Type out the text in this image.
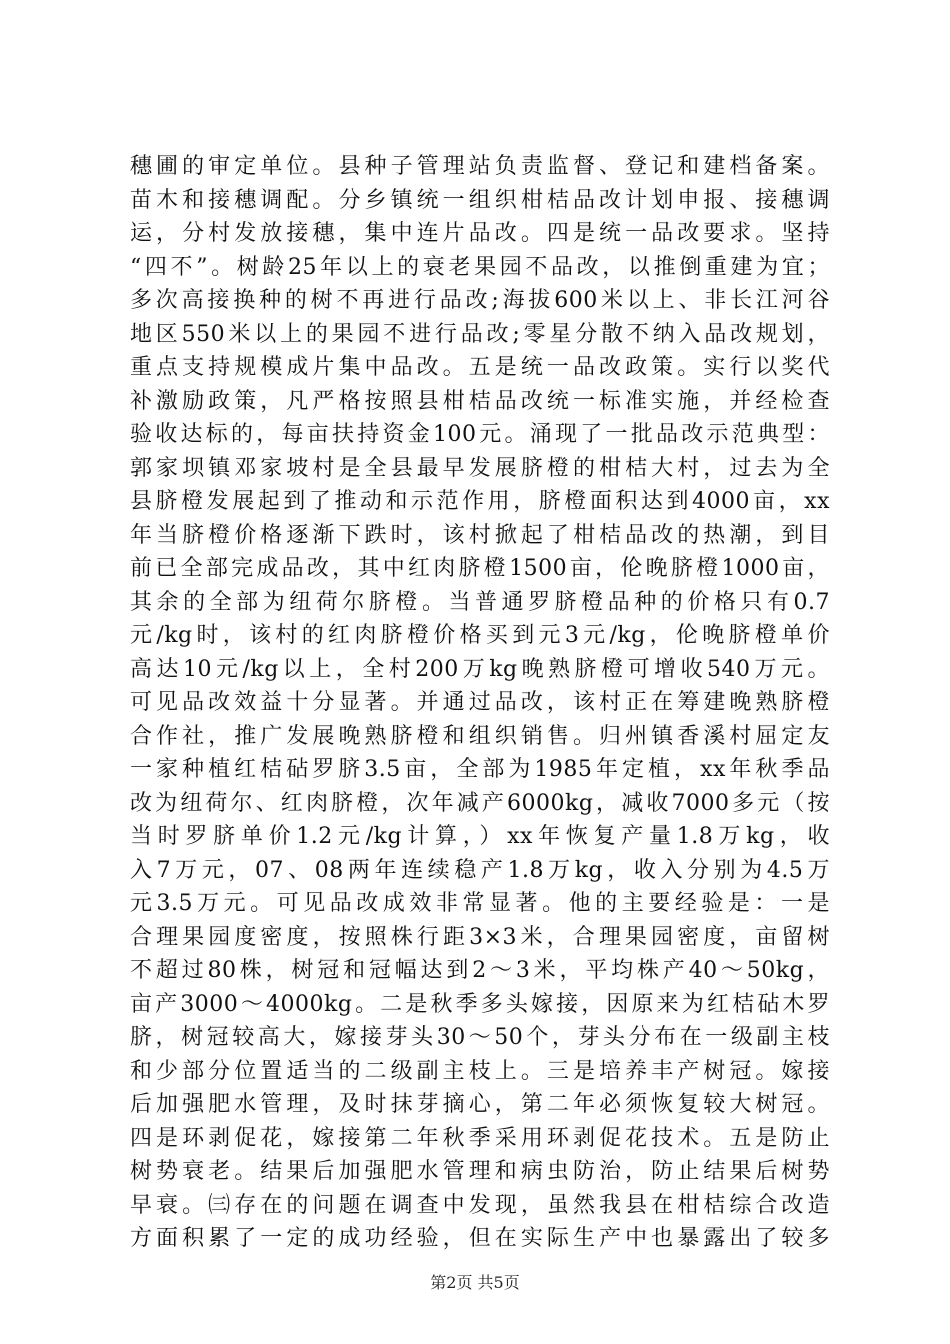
穗圃的审定单位。县种子管理站负责监督、登记和建档备案。
苗木和接穗调配。分乡镇统一组织柑桔品改计划申报、接穗调
运，分村发放接穗，集中连片品改。四是统一品改要求。坚持
“四不”。树龄25年以上的衰老果园不品改，以推倒重建为宜；
多次高接换种的树不再进行品改;海拔600米以上、非长江河谷
地区550米以上的果园不进行品改;零星分散不纳入品改规划，
重点支持规模成片集中品改。五是统一品改政策。实行以奖代
补激励政策，凡严格按照县柑桔品改统一标准实施，并经检查
验收达标的，每亩扶持资金100元。涌现了一批品改示范典型：
郭家坝镇邓家坡村是全县最早发展脐橙的柑桔大村，过去为全
县脐橙发展起到了推动和示范作用，脐橙面积达到4000亩，xx
年当脐橙价格逐渐下跌时，该村掀起了柑桔品改的热潮，到目
前已全部完成品改，其中红肉脐橙1500亩，伦晚脐橙1000亩，
其余的全部为纽荷尔脐橙。当普通罗脐橙品种的价格只有0.7
元/kg时，该村的红肉脐橙价格买到元3元/kg，伦晚脐橙单价
高达10元/kg以上，全村200万kg晚熟脐橙可增收540万元。
可见品改效益十分显著。并通过品改，该村正在筹建晚熟脐橙
合作社，推广发展晚熟脐橙和组织销售。归州镇香溪村屈定友
一家种植红桔砧罗脐3.5亩，全部为1985年定植，xx年秋季品
改为纽荷尔、红肉脐橙，次年减产6000kg，减收7000多元（按
当时罗脐单价1.2元/kg计算，）xx年恢复产量1.8万kg，收
入7万元，07、08两年连续稳产1.8万kg，收入分别为4.5万
元3.5万元。可见品改成效非常显著。他的主要经验是：一是
合理果园度密度，按照株行距3×3米，合理果园密度，亩留树
不超过80株，树冠和冠幅达到2～3米，平均株产40～50kg，
亩产3000～4000kg。二是秋季多头嫁接，因原来为红桔砧木罗
脐，树冠较高大，嫁接芽头30～50个，芽头分布在一级副主枝
和少部分位置适当的二级副主枝上。三是培养丰产树冠。嫁接
后加强肥水管理，及时抹芽摘心，第二年必须恢复较大树冠。
四是环剥促花，嫁接第二年秋季采用环剥促花技术。五是防止
树势衰老。结果后加强肥水管理和病虫防治，防止结果后树势
早衰。㈢存在的问题在调查中发现，虽然我县在柑桔综合改造
方面积累了一定的成功经验，但在实际生产中也暴露出了较多
第2页 共5页
